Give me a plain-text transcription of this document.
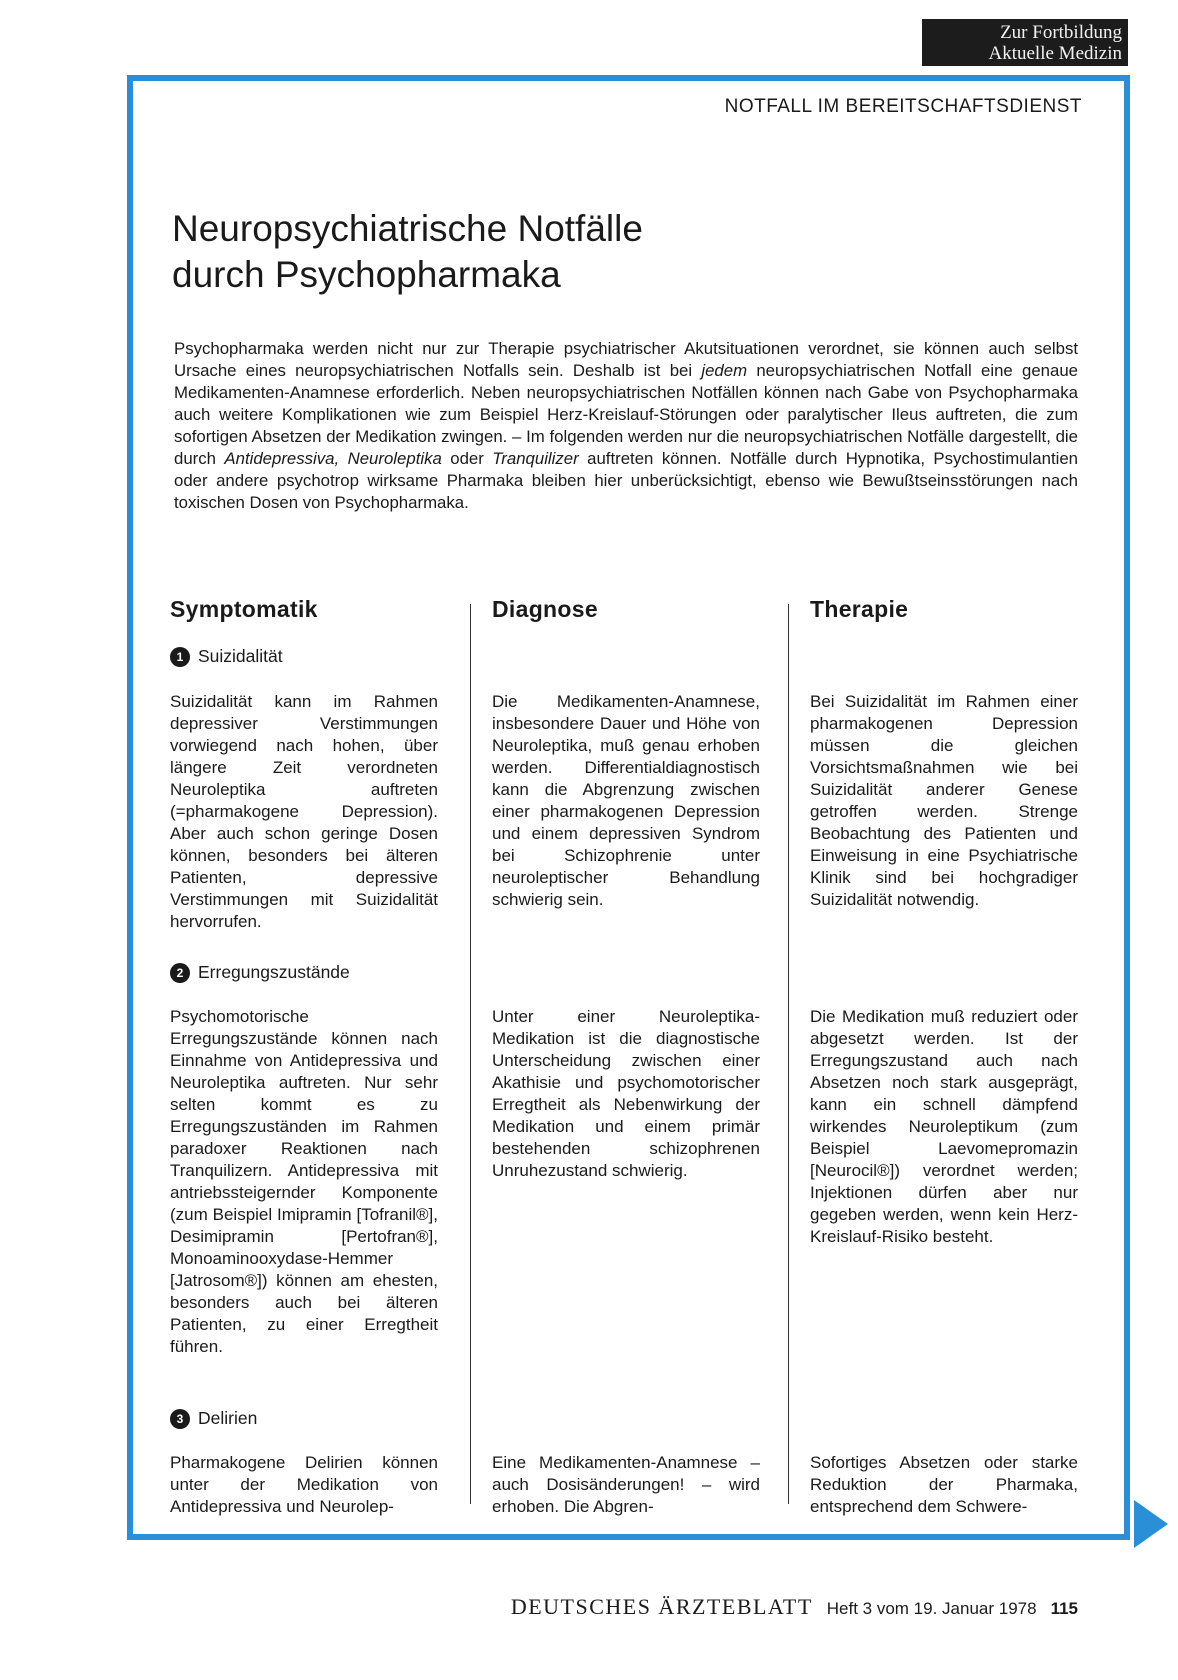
Zur Fortbildung
Aktuelle Medizin
NOTFALL IM BEREITSCHAFTSDIENST
Neuropsychiatrische Notfälle
durch Psychopharmaka

Psychopharmaka werden nicht nur zur Therapie psychiatrischer Akutsituationen verordnet, sie können auch selbst Ursache eines neuropsychiatrischen Notfalls sein. Deshalb ist bei jedem neuropsychiatrischen Notfall eine genaue Medikamenten-Anamnese erforderlich. Neben neuropsychiatrischen Notfällen können nach Gabe von Psychopharmaka auch weitere Komplikationen wie zum Beispiel Herz-Kreislauf-Störungen oder paralytischer Ileus auftreten, die zum sofortigen Absetzen der Medikation zwingen. – Im folgenden werden nur die neuropsychiatrischen Notfälle dargestellt, die durch Antidepressiva, Neuroleptika oder Tranquilizer auftreten können. Notfälle durch Hypnotika, Psychostimulantien oder andere psychotrop wirksame Pharmaka bleiben hier unberücksichtigt, ebenso wie Bewußtseinsstörungen nach toxischen Dosen von Psychopharmaka.

Symptomatik
1 Suizidalität

Suizidalität kann im Rahmen depressiver Verstimmungen vorwiegend nach hohen, über längere Zeit verordneten Neuroleptika auftreten (=pharmakogene Depression). Aber auch schon geringe Dosen können, besonders bei älteren Patienten, depressive Verstimmungen mit Suizidalität hervorrufen.

2 Erregungszustände

Psychomotorische Erregungszustände können nach Einnahme von Antidepressiva und Neuroleptika auftreten. Nur sehr selten kommt es zu Erregungszuständen im Rahmen paradoxer Reaktionen nach Tranquilizern. Antidepressiva mit antriebssteigernder Komponente (zum Beispiel Imipramin [Tofranil®], Desimipramin [Pertofran®], Monoaminooxydase-Hemmer [Jatrosom®]) können am ehesten, besonders auch bei älteren Patienten, zu einer Erregtheit führen.

3 Delirien

Pharmakogene Delirien können unter der Medikation von Antidepressiva und Neurolep-

Diagnose

Die Medikamenten-Anamnese, insbesondere Dauer und Höhe von Neuroleptika, muß genau erhoben werden. Differentialdiagnostisch kann die Abgrenzung zwischen einer pharmakogenen Depression und einem depressiven Syndrom bei Schizophrenie unter neuroleptischer Behandlung schwierig sein.

Unter einer Neuroleptika-Medikation ist die diagnostische Unterscheidung zwischen einer Akathisie und psychomotorischer Erregtheit als Nebenwirkung der Medikation und einem primär bestehenden schizophrenen Unruhezustand schwierig.

Eine Medikamenten-Anamnese – auch Dosisänderungen! – wird erhoben. Die Abgren-

Therapie

Bei Suizidalität im Rahmen einer pharmakogenen Depression müssen die gleichen Vorsichtsmaßnahmen wie bei Suizidalität anderer Genese getroffen werden. Strenge Beobachtung des Patienten und Einweisung in eine Psychiatrische Klinik sind bei hochgradiger Suizidalität notwendig.

Die Medikation muß reduziert oder abgesetzt werden. Ist der Erregungszustand auch nach Absetzen noch stark ausgeprägt, kann ein schnell dämpfend wirkendes Neuroleptikum (zum Beispiel Laevomepromazin [Neurocil®]) verordnet werden; Injektionen dürfen aber nur gegeben werden, wenn kein Herz-Kreislauf-Risiko besteht.

Sofortiges Absetzen oder starke Reduktion der Pharmaka, entsprechend dem Schwere-

DEUTSCHES ÄRZTEBLATT Heft 3 vom 19. Januar 1978 115
